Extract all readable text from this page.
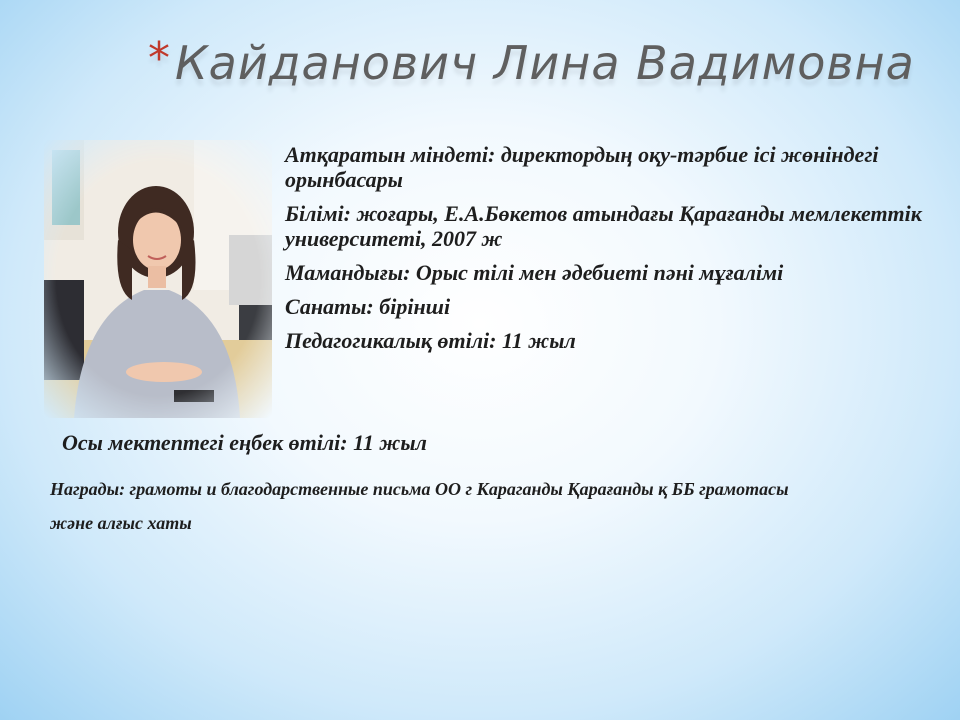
*Кайданович Лина Вадимовна
Атқаратын міндеті: директордың оқу-тәрбие ісі жөніндегі орынбасары
Білімі: жоғары, Е.А.Бөкетов атындағы Қарағанды мемлекеттік университеті, 2007 ж
Мамандығы: Орыс тілі мен әдебиеті пәні мұғалімі
Санаты: бірінші
Педагогикалық өтілі: 11 жыл
Осы мектептегі еңбек өтілі: 11 жыл
Награды: грамоты и благодарственные письма ОО г Караганды Қарағанды қ ББ грамотасы және алғыс хаты
